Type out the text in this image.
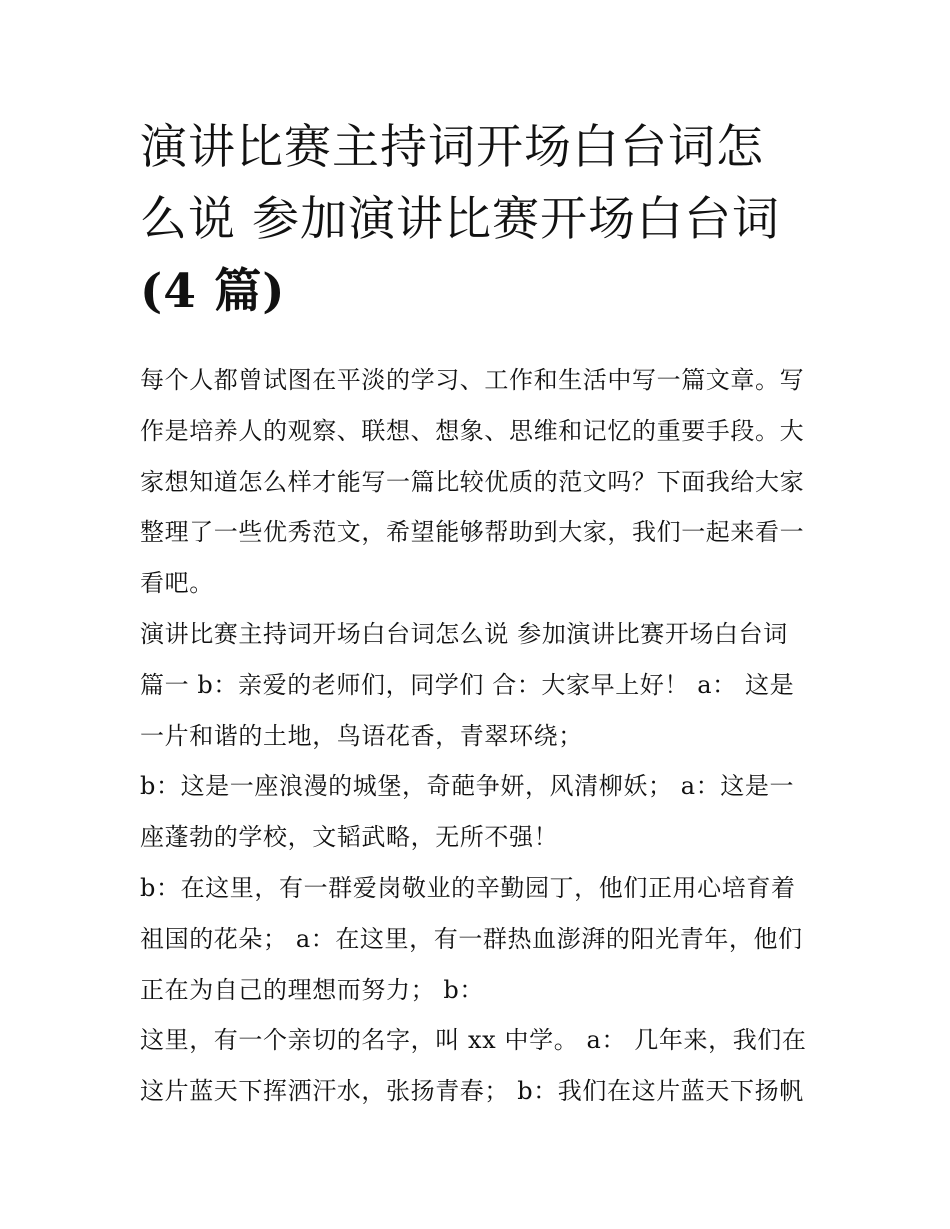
演讲比赛主持词开场白台词怎
么说 参加演讲比赛开场白台词
(4 篇)
每个人都曾试图在平淡的学习、工作和生活中写一篇文章。写
作是培养人的观察、联想、想象、思维和记忆的重要手段。大
家想知道怎么样才能写一篇比较优质的范文吗？下面我给大家
整理了一些优秀范文，希望能够帮助到大家，我们一起来看一
看吧。
演讲比赛主持词开场白台词怎么说 参加演讲比赛开场白台词
篇一 b：亲爱的老师们，同学们 合：大家早上好！ a： 这是
一片和谐的土地，鸟语花香，青翠环绕；
b：这是一座浪漫的城堡，奇葩争妍，风清柳妖； a：这是一
座蓬勃的学校，文韬武略，无所不强！
b：在这里，有一群爱岗敬业的辛勤园丁，他们正用心培育着
祖国的花朵； a：在这里，有一群热血澎湃的阳光青年，他们
正在为自己的理想而努力； b：
这里，有一个亲切的名字，叫 xx 中学。 a： 几年来，我们在
这片蓝天下挥洒汗水，张扬青春； b：我们在这片蓝天下扬帆
